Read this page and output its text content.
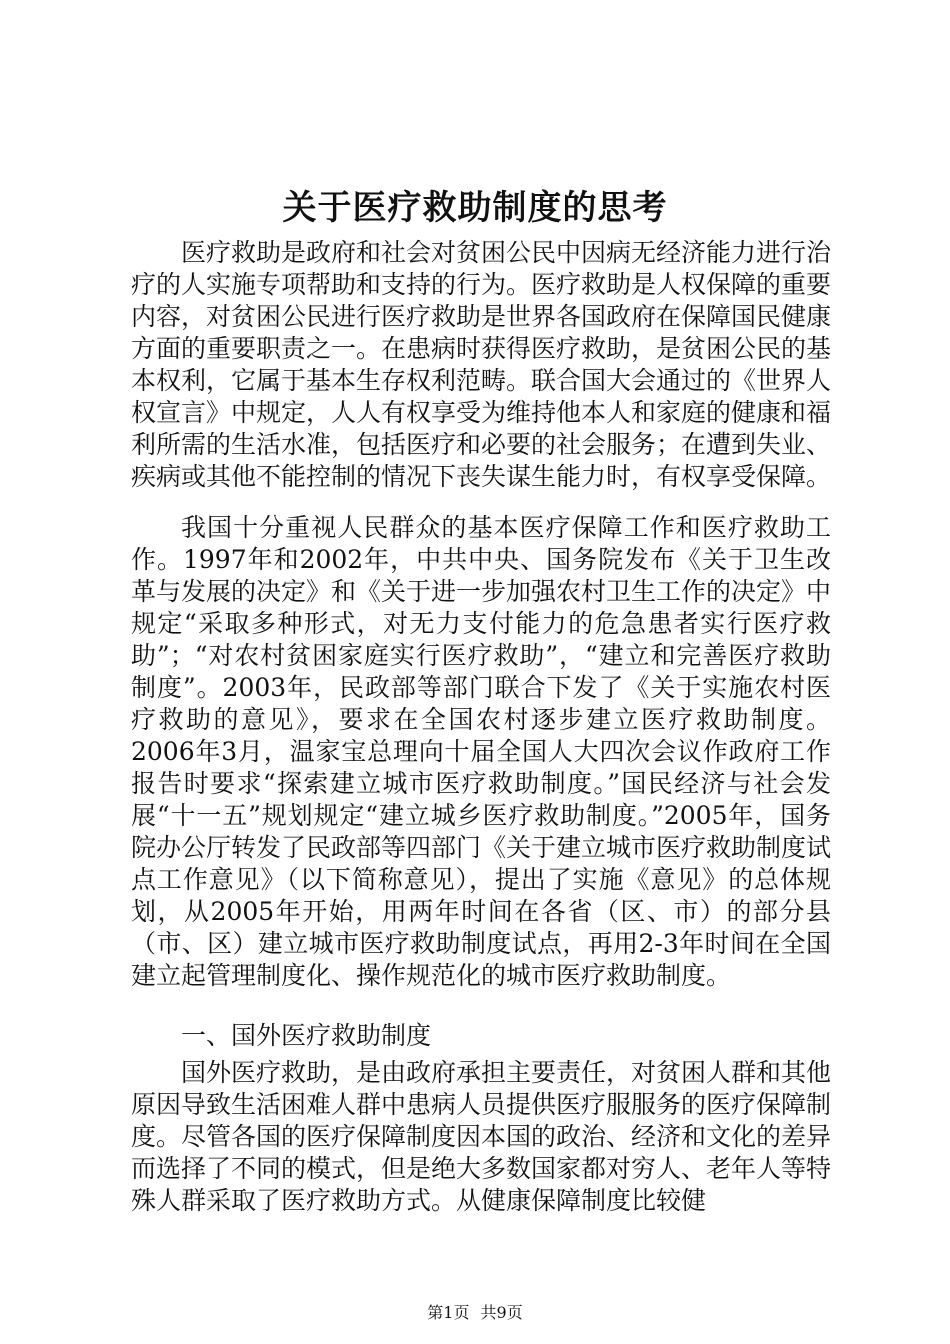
关于医疗救助制度的思考

医疗救助是政府和社会对贫困公民中因病无经济能力进行治疗的人实施专项帮助和支持的行为。医疗救助是人权保障的重要内容，对贫困公民进行医疗救助是世界各国政府在保障国民健康方面的重要职责之一。在患病时获得医疗救助，是贫困公民的基本权利，它属于基本生存权利范畴。联合国大会通过的《世界人权宣言》中规定，人人有权享受为维持他本人和家庭的健康和福利所需的生活水准，包括医疗和必要的社会服务；在遭到失业、疾病或其他不能控制的情况下丧失谋生能力时，有权享受保障。

我国十分重视人民群众的基本医疗保障工作和医疗救助工作。1997年和2002年，中共中央、国务院发布《关于卫生改革与发展的决定》和《关于进一步加强农村卫生工作的决定》中规定“采取多种形式，对无力支付能力的危急患者实行医疗救助”；“对农村贫困家庭实行医疗救助”，“建立和完善医疗救助制度”。2003年，民政部等部门联合下发了《关于实施农村医疗救助的意见》，要求在全国农村逐步建立医疗救助制度。2006年3月，温家宝总理向十届全国人大四次会议作政府工作报告时要求“探索建立城市医疗救助制度。”国民经济与社会发展“十一五”规划规定“建立城乡医疗救助制度。”2005年，国务院办公厅转发了民政部等四部门《关于建立城市医疗救助制度试点工作意见》（以下简称意见），提出了实施《意见》的总体规划，从2005年开始，用两年时间在各省（区、市）的部分县（市、区）建立城市医疗救助制度试点，再用2-3年时间在全国建立起管理制度化、操作规范化的城市医疗救助制度。

一、国外医疗救助制度

国外医疗救助，是由政府承担主要责任，对贫困人群和其他原因导致生活困难人群中患病人员提供医疗服服务的医疗保障制度。尽管各国的医疗保障制度因本国的政治、经济和文化的差异而选择了不同的模式，但是绝大多数国家都对穷人、老年人等特殊人群采取了医疗救助方式。从健康保障制度比较健

第1页 共9页
